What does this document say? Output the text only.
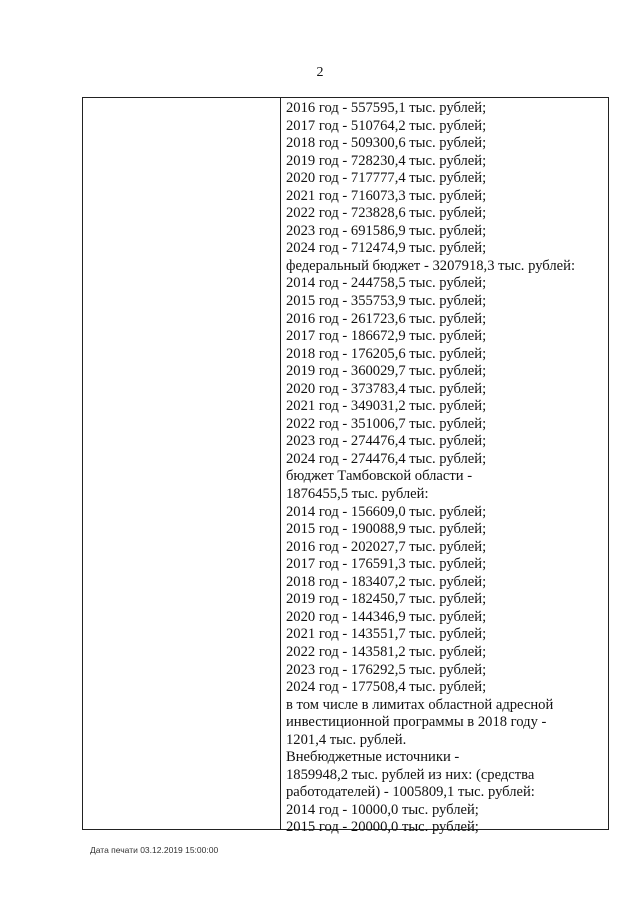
2
2016 год - 557595,1 тыс. рублей;
2017 год - 510764,2 тыс. рублей;
2018 год - 509300,6 тыс. рублей;
2019 год - 728230,4 тыс. рублей;
2020 год - 717777,4 тыс. рублей;
2021 год - 716073,3 тыс. рублей;
2022 год - 723828,6 тыс. рублей;
2023 год - 691586,9 тыс. рублей;
2024 год - 712474,9 тыс. рублей;
федеральный бюджет - 3207918,3 тыс. рублей:
2014 год - 244758,5 тыс. рублей;
2015 год - 355753,9 тыс. рублей;
2016 год - 261723,6 тыс. рублей;
2017 год - 186672,9 тыс. рублей;
2018 год - 176205,6 тыс. рублей;
2019 год - 360029,7 тыс. рублей;
2020 год - 373783,4 тыс. рублей;
2021 год - 349031,2 тыс. рублей;
2022 год - 351006,7 тыс. рублей;
2023 год - 274476,4 тыс. рублей;
2024 год - 274476,4 тыс. рублей;
бюджет Тамбовской области -
1876455,5 тыс. рублей:
2014 год - 156609,0 тыс. рублей;
2015 год - 190088,9 тыс. рублей;
2016 год - 202027,7 тыс. рублей;
2017 год - 176591,3 тыс. рублей;
2018 год - 183407,2 тыс. рублей;
2019 год - 182450,7 тыс. рублей;
2020 год - 144346,9 тыс. рублей;
2021 год - 143551,7 тыс. рублей;
2022 год - 143581,2 тыс. рублей;
2023 год - 176292,5 тыс. рублей;
2024 год - 177508,4 тыс. рублей;
в том числе в лимитах областной адресной
инвестиционной программы в 2018 году -
1201,4 тыс. рублей.
Внебюджетные источники -
1859948,2 тыс. рублей из них: (средства
работодателей) - 1005809,1 тыс. рублей:
2014 год - 10000,0 тыс. рублей;
2015 год - 20000,0 тыс. рублей;
Дата печати 03.12.2019 15:00:00
